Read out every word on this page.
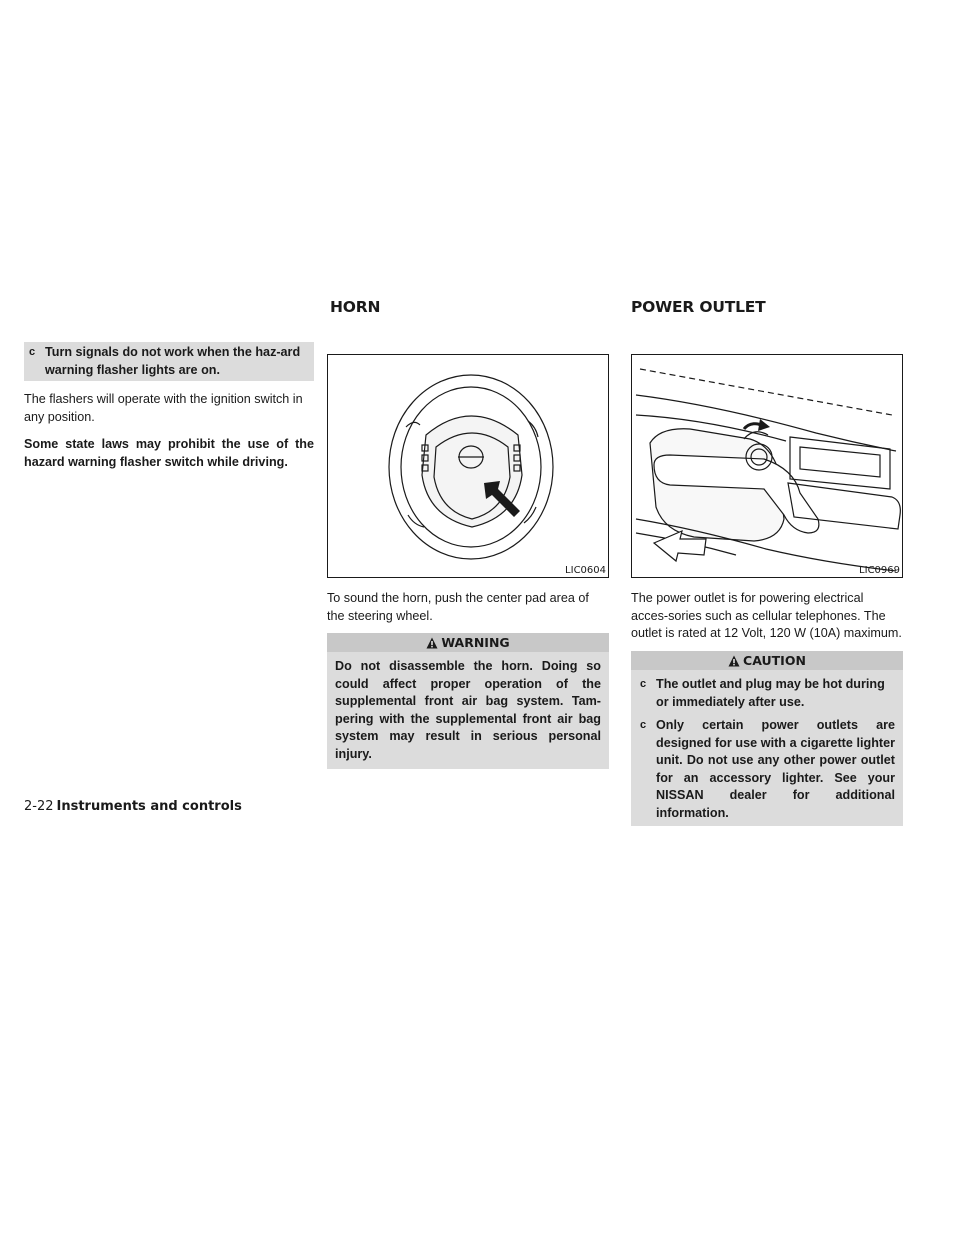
HORN	POWER OUTLET
c Turn signals do not work when the haz-ard warning flasher lights are on.

The flashers will operate with the ignition switch in any position.

Some state laws may prohibit the use of the hazard warning flasher switch while driving.

LIC0604

To sound the horn, push the center pad area of the steering wheel.

WARNING
Do not disassemble the horn. Doing so could affect proper operation of the supplemental front air bag system. Tam-pering with the supplemental front air bag system may result in serious personal injury.
LIC0969

The power outlet is for powering electrical acces-sories such as cellular telephones. The outlet is rated at 12 Volt, 120 W (10A) maximum.

CAUTION
c The outlet and plug may be hot during or immediately after use.
c Only certain power outlets are designed for use with a cigarette lighter unit. Do not use any other power outlet for an accessory lighter. See your NISSAN dealer for additional information.
2-22 Instruments and controls
